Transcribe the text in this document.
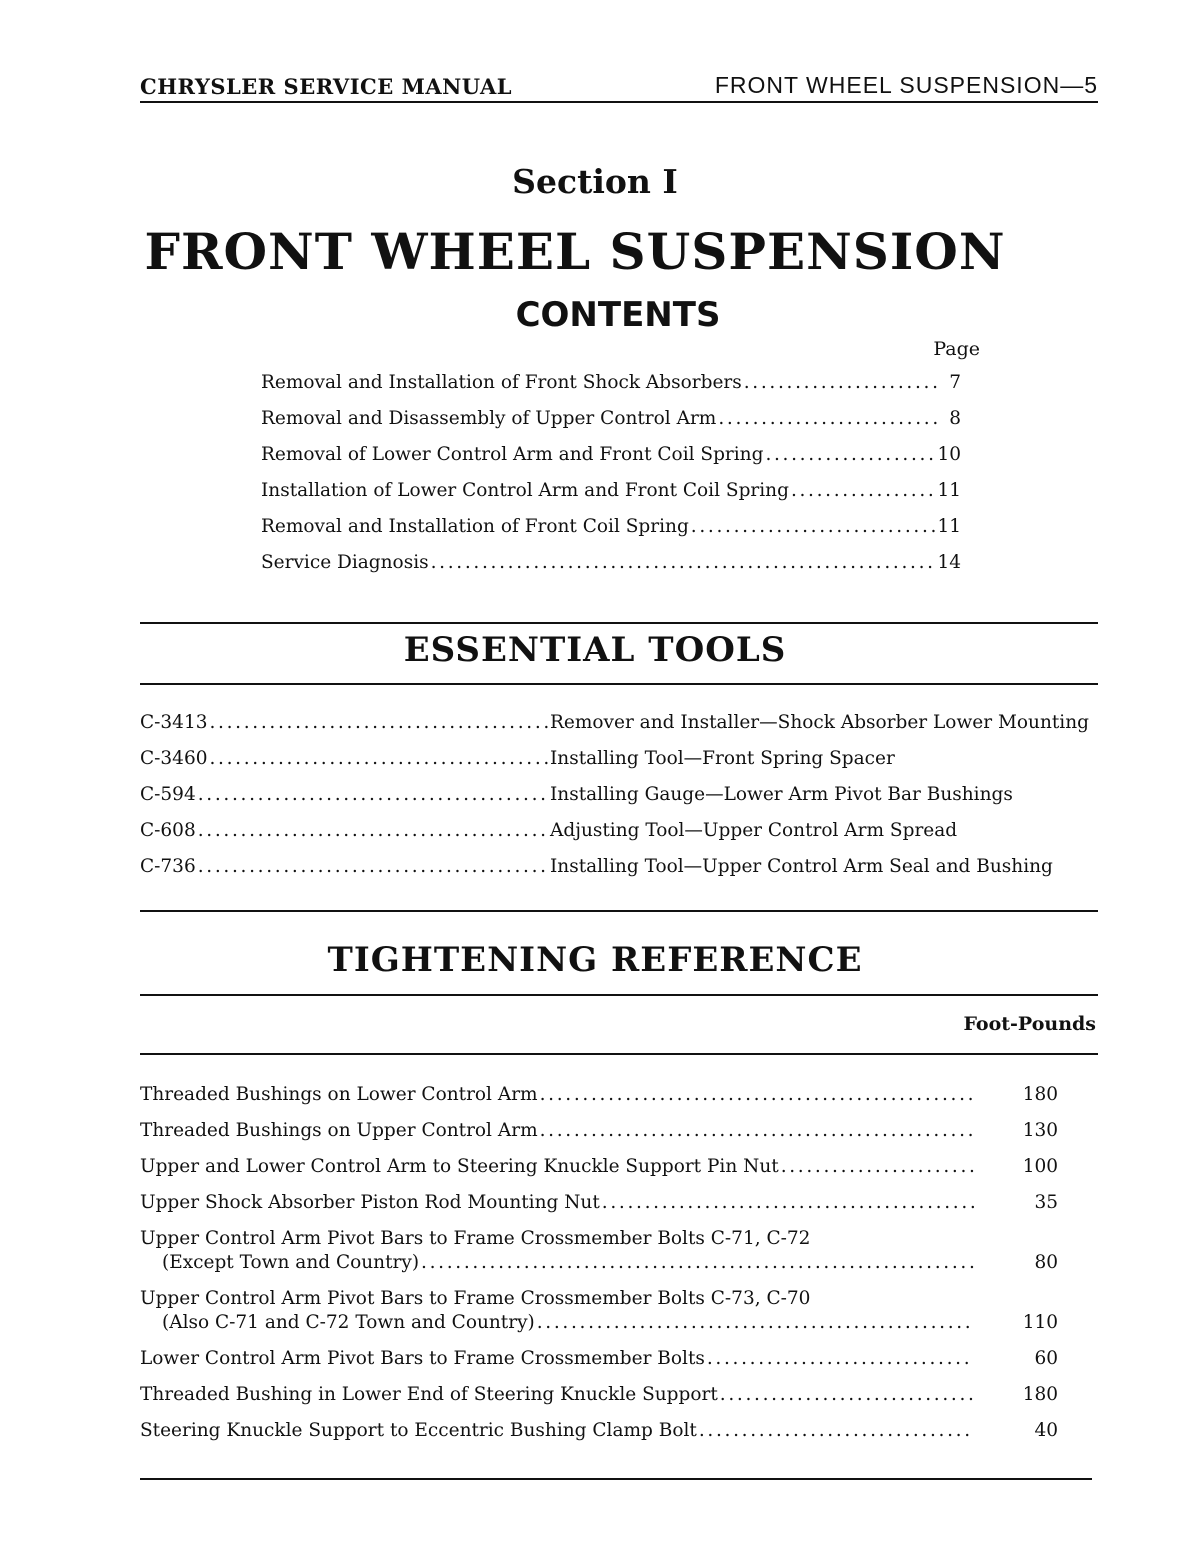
CHRYSLER SERVICE MANUAL	FRONT WHEEL SUSPENSION—5
Section I
FRONT WHEEL SUSPENSION
CONTENTS
Page
Removal and Installation of Front Shock Absorbers . . .	7
Removal and Disassembly of Upper Control Arm . . .	8
Removal of Lower Control Arm and Front Coil Spring . . .	10
Installation of Lower Control Arm and Front Coil Spring . . .	11
Removal and Installation of Front Coil Spring . . .	11
Service Diagnosis . . .	14
ESSENTIAL TOOLS
C-3413 . . .	Remover and Installer—Shock Absorber Lower Mounting
C-3460 . . .	Installing Tool—Front Spring Spacer
C-594 . . .	Installing Gauge—Lower Arm Pivot Bar Bushings
C-608 . . .	Adjusting Tool—Upper Control Arm Spread
C-736 . . .	Installing Tool—Upper Control Arm Seal and Bushing
TIGHTENING REFERENCE
Foot-Pounds
Threaded Bushings on Lower Control Arm . . .	180
Threaded Bushings on Upper Control Arm . . .	130
Upper and Lower Control Arm to Steering Knuckle Support Pin Nut . . .	100
Upper Shock Absorber Piston Rod Mounting Nut . . .	35
Upper Control Arm Pivot Bars to Frame Crossmember Bolts C-71, C-72
(Except Town and Country) . . .	80
Upper Control Arm Pivot Bars to Frame Crossmember Bolts C-73, C-70
(Also C-71 and C-72 Town and Country) . . .	110
Lower Control Arm Pivot Bars to Frame Crossmember Bolts . . .	60
Threaded Bushing in Lower End of Steering Knuckle Support . . .	180
Steering Knuckle Support to Eccentric Bushing Clamp Bolt . . .	40
